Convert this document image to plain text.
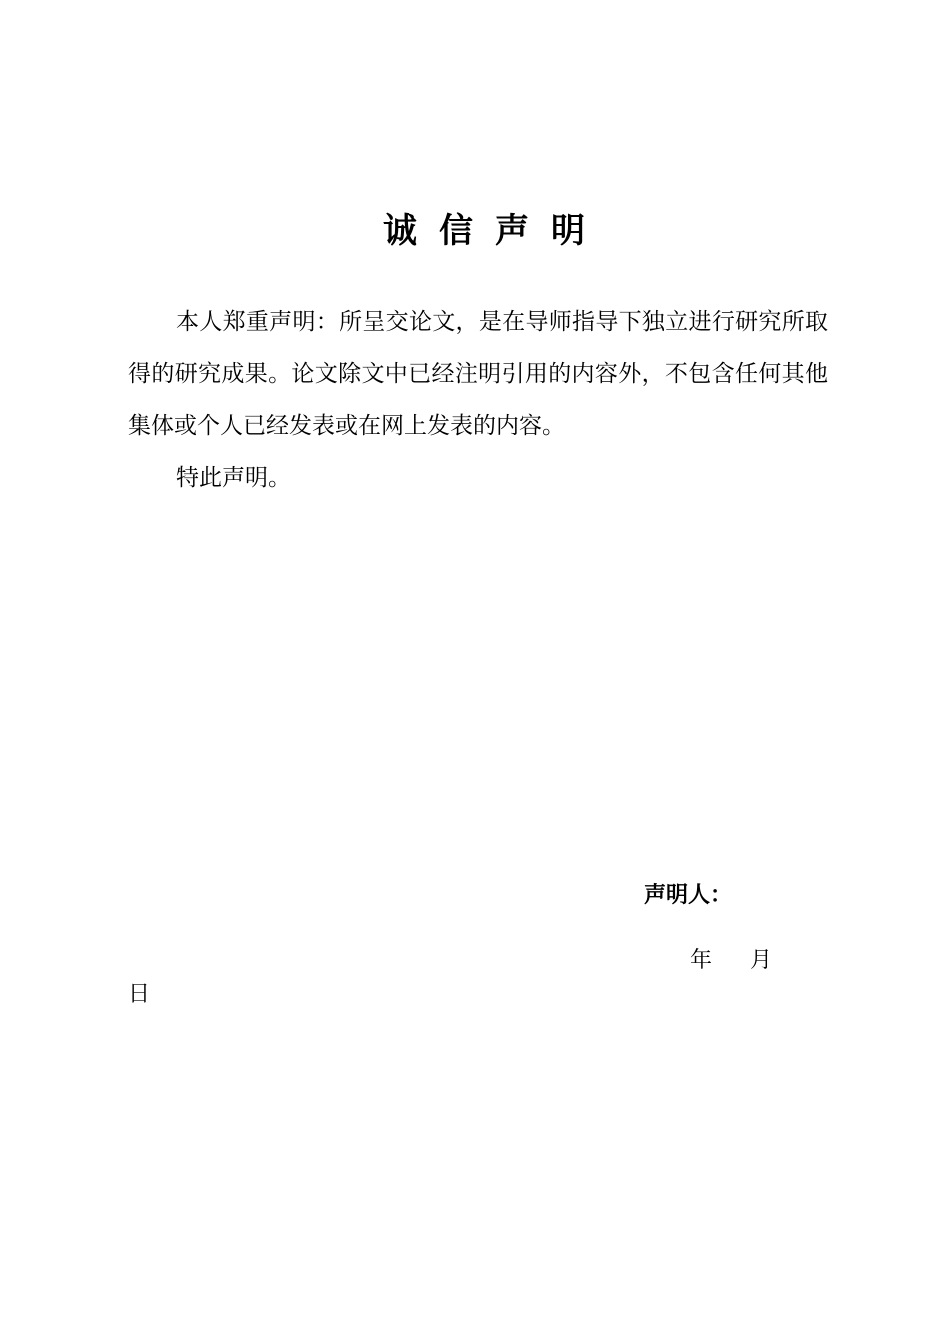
诚信声明

本人郑重声明：所呈交论文，是在导师指导下独立进行研究所取得的研究成果。论文除文中已经注明引用的内容外，不包含任何其他集体或个人已经发表或在网上发表的内容。

特此声明。

声明人：
年 月
日
